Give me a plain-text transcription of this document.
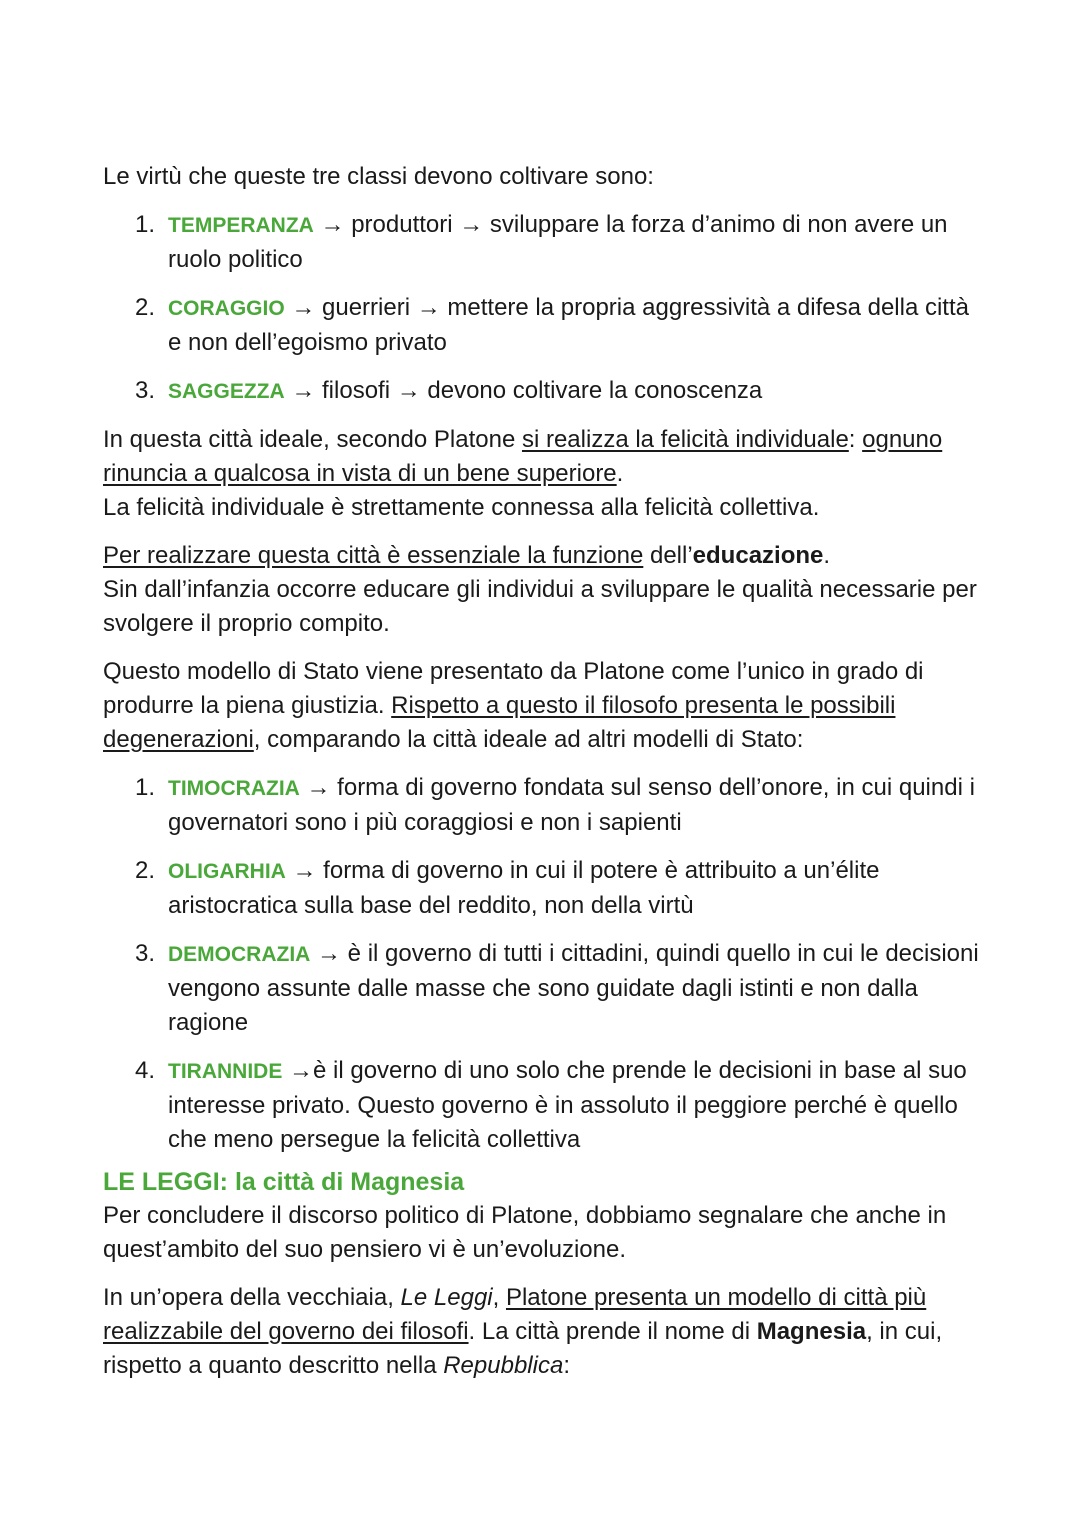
Le virtù che queste tre classi devono coltivare sono:

1. TEMPERANZA → produttori → sviluppare la forza d’animo di non avere un ruolo politico
2. CORAGGIO → guerrieri → mettere la propria aggressività a difesa della città e non dell’egoismo privato
3. SAGGEZZA → filosofi → devono coltivare la conoscenza

In questa città ideale, secondo Platone si realizza la felicità individuale: ognuno rinuncia a qualcosa in vista di un bene superiore.

La felicità individuale è strettamente connessa alla felicità collettiva.

Per realizzare questa città è essenziale la funzione dell’educazione.

Sin dall’infanzia occorre educare gli individui a sviluppare le qualità necessarie per svolgere il proprio compito.

Questo modello di Stato viene presentato da Platone come l’unico in grado di produrre la piena giustizia. Rispetto a questo il filosofo presenta le possibili degenerazioni, comparando la città ideale ad altri modelli di Stato:

1. TIMOCRAZIA → forma di governo fondata sul senso dell’onore, in cui quindi i governatori sono i più coraggiosi e non i sapienti
2. OLIGARHIA → forma di governo in cui il potere è attribuito a un’élite aristocratica sulla base del reddito, non della virtù
3. DEMOCRAZIA → è il governo di tutti i cittadini, quindi quello in cui le decisioni vengono assunte dalle masse che sono guidate dagli istinti e non dalla ragione
4. TIRANNIDE →è il governo di uno solo che prende le decisioni in base al suo interesse privato. Questo governo è in assoluto il peggiore perché è quello che meno persegue la felicità collettiva
LE LEGGI: la città di Magnesia

Per concludere il discorso politico di Platone, dobbiamo segnalare che anche in quest’ambito del suo pensiero vi è un’evoluzione.

In un’opera della vecchiaia, Le Leggi, Platone presenta un modello di città più realizzabile del governo dei filosofi. La città prende il nome di Magnesia, in cui, rispetto a quanto descritto nella Repubblica:
